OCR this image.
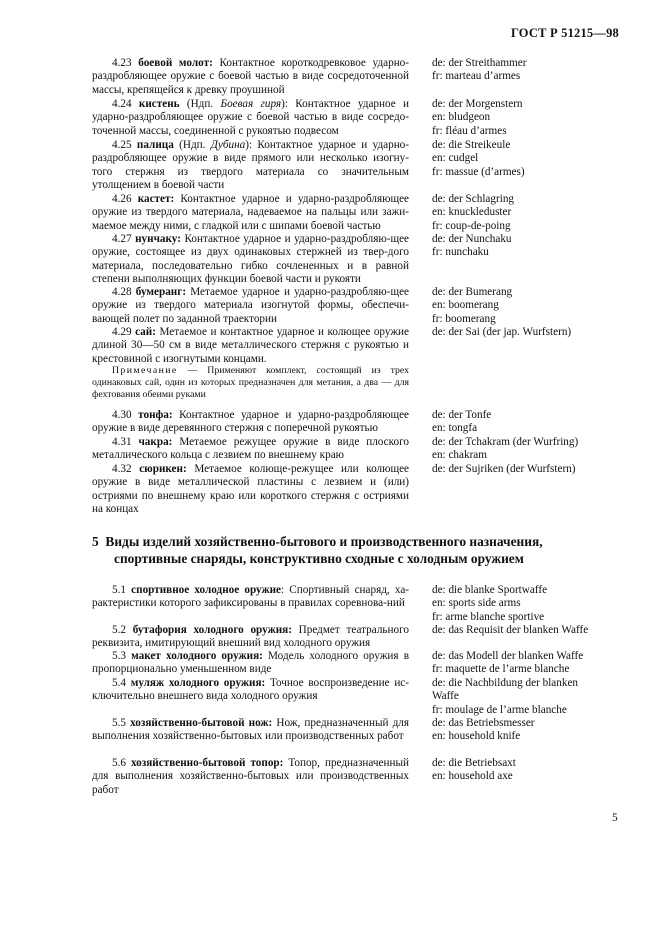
ГОСТ Р 51215—98
4.23 боевой молот: Контактное короткодревковое ударно-раздробляющее оружие с боевой частью в виде сосредоточенной массы, крепящейся к древку проушиной
de: der Streithammer
fr: marteau d’armes
4.24 кистень (Ндп. Боевая гиря): Контактное ударное и ударно-раздробляющее оружие с боевой частью в виде сосредо-точенной массы, соединенной с рукоятью подвесом
de: der Morgenstern
en: bludgeon
fr: fléau d’armes
4.25 палица (Ндп. Дубина): Контактное ударное и ударно-раздробляющее оружие в виде прямого или несколько изогну-того стержня из твердого материала со значительным утолщением в боевой части
de: die Streikeule
en: cudgel
fr: massue (d’armes)
4.26 кастет: Контактное ударное и ударно-раздробляющее оружие из твердого материала, надеваемое на пальцы или зажи-маемое между ними, с гладкой или с шипами боевой частью
de: der Schlagring
en: knuckleduster
fr: coup-de-poing
4.27 нунчаку: Контактное ударное и ударно-раздробляю-щее оружие, состоящее из двух одинаковых стержней из твер-дого материала, последовательно гибко сочлененных и в равной степени выполняющих функции боевой части и рукояти
de: der Nunchaku
fr: nunchaku
4.28 бумеранг: Метаемое ударное и ударно-раздробляю-щее оружие из твердого материала изогнутой формы, обеспечи-вающей полет по заданной траектории
de: der Bumerang
en: boomerang
fr: boomerang
4.29 сай: Метаемое и контактное ударное и колющее оружие длиной 30—50 см в виде металлического стержня с рукоятью и крестовиной с изогнутыми концами.
de: der Sai (der jap. Wurfstern)
Примечание — Применяют комплект, состоящий из трех одинаковых сай, один из которых предназначен для метания, а два — для фехтования обеими руками
4.30 тонфа: Контактное ударное и ударно-раздробляющее оружие в виде деревянного стержня с поперечной рукоятью
de: der Tonfe
en: tongfa
4.31 чакра: Метаемое режущее оружие в виде плоского металлического кольца с лезвием по внешнему краю
de: der Tchakram (der Wurfring)
en: chakram
4.32 сюрикен: Метаемое колюще-режущее или колющее оружие в виде металлической пластины с лезвием и (или) остриями по внешнему краю или короткого стержня с остриями на концах
de: der Sujriken (der Wurfstern)
5 Виды изделий хозяйственно-бытового и производственного назначения,
спортивные снаряды, конструктивно сходные с холодным оружием
5.1 спортивное холодное оружие: Спортивный снаряд, ха-рактеристики которого зафиксированы в правилах соревнова-ний
de: die blanke Sportwaffe
en: sports side arms
fr: arme blanche sportive
5.2 бутафория холодного оружия: Предмет театрального реквизита, имитирующий внешний вид холодного оружия
de: das Requisit der blanken Waffe
5.3 макет холодного оружия: Модель холодного оружия в пропорционально уменьшенном виде
de: das Modell der blanken Waffe
fr: maquette de l’arme blanche
5.4 муляж холодного оружия: Точное воспроизведение ис-ключительно внешнего вида холодного оружия
de: die Nachbildung der blanken Waffe
fr: moulage de l’arme blanche
5.5 хозяйственно-бытовой нож: Нож, предназначенный для выполнения хозяйственно-бытовых или производственных работ
de: das Betriebsmesser
en: household knife
5.6 хозяйственно-бытовой топор: Топор, предназначенный для выполнения хозяйственно-бытовых или производственных работ
de: die Betriebsaxt
en: household axe
5
